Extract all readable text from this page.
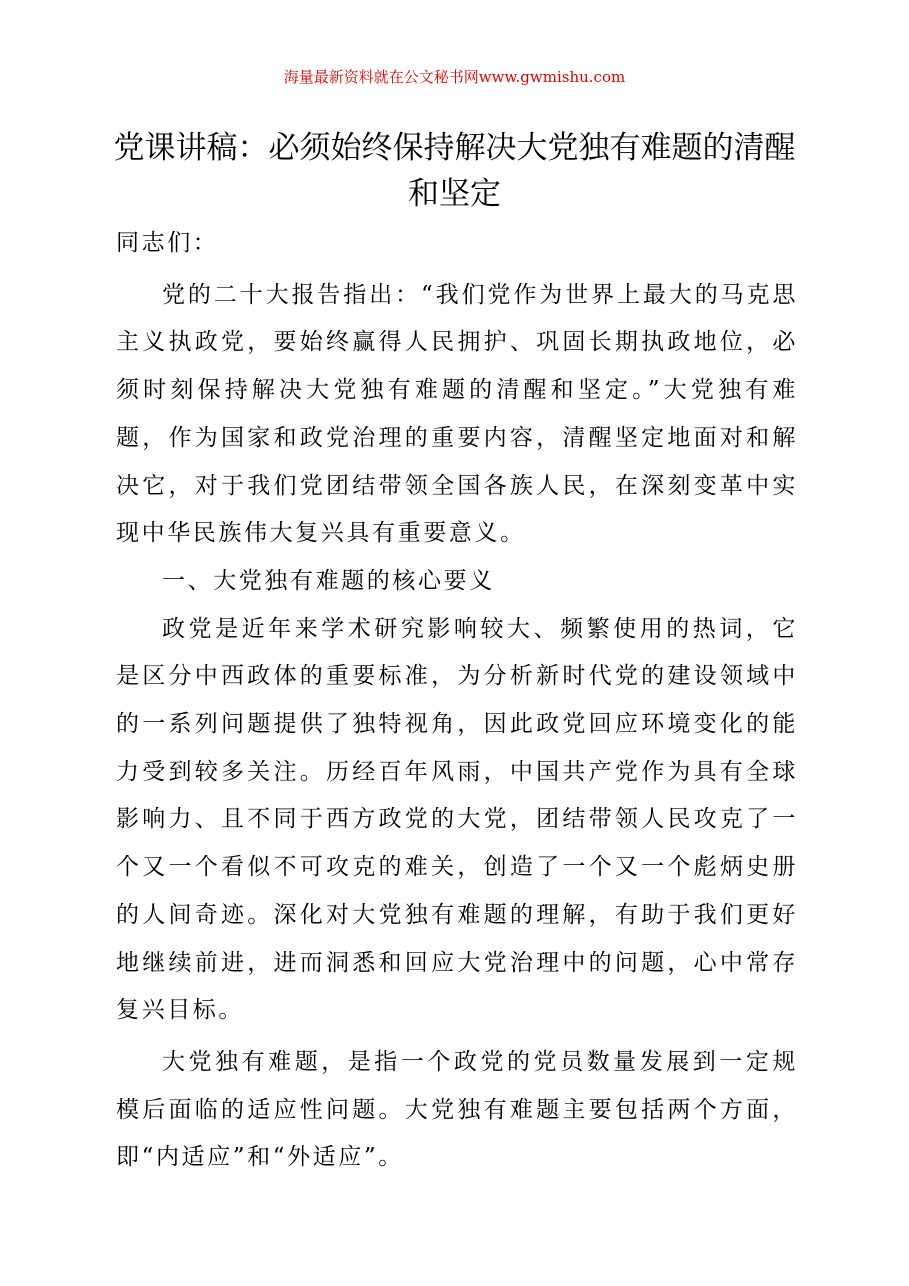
海量最新资料就在公文秘书网www.gwmishu.com
党课讲稿：必须始终保持解决大党独有难题的清醒和坚定

同志们：

党的二十大报告指出：“我们党作为世界上最大的马克思主义执政党，要始终赢得人民拥护、巩固长期执政地位，必须时刻保持解决大党独有难题的清醒和坚定。”大党独有难题，作为国家和政党治理的重要内容，清醒坚定地面对和解决它，对于我们党团结带领全国各族人民，在深刻变革中实现中华民族伟大复兴具有重要意义。

一、大党独有难题的核心要义

政党是近年来学术研究影响较大、频繁使用的热词，它是区分中西政体的重要标准，为分析新时代党的建设领域中的一系列问题提供了独特视角，因此政党回应环境变化的能力受到较多关注。历经百年风雨，中国共产党作为具有全球影响力、且不同于西方政党的大党，团结带领人民攻克了一个又一个看似不可攻克的难关，创造了一个又一个彪炳史册的人间奇迹。深化对大党独有难题的理解，有助于我们更好地继续前进，进而洞悉和回应大党治理中的问题，心中常存复兴目标。

大党独有难题，是指一个政党的党员数量发展到一定规模后面临的适应性问题。大党独有难题主要包括两个方面，即“内适应”和“外适应”。
